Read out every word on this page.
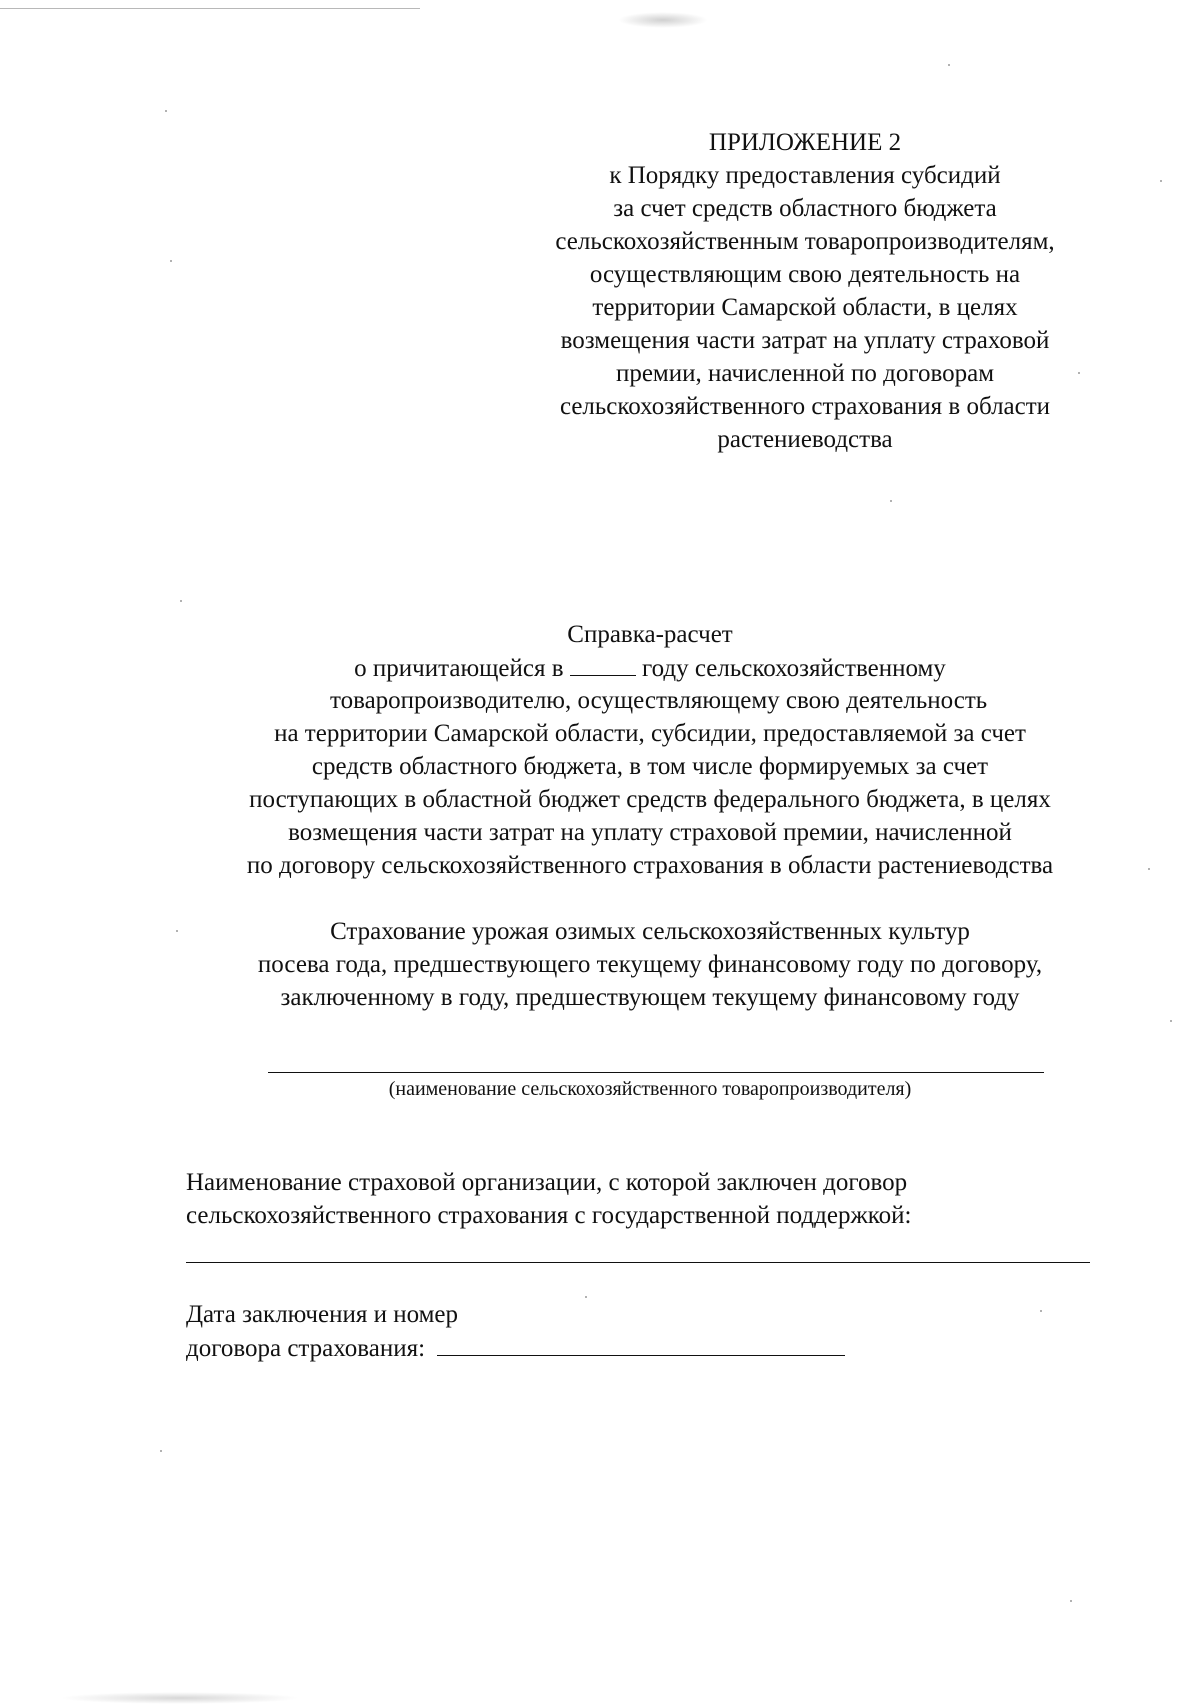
ПРИЛОЖЕНИЕ 2
к Порядку предоставления субсидий
за счет средств областного бюджета
сельскохозяйственным товаропроизводителям,
осуществляющим свою деятельность на
территории Самарской области, в целях
возмещения части затрат на уплату страховой
премии, начисленной по договорам
сельскохозяйственного страхования в области
растениеводства
Справка-расчет
о причитающейся в	году сельскохозяйственному
товаропроизводителю, осуществляющему свою деятельность
на территории Самарской области, субсидии, предоставляемой за счет
средств областного бюджета, в том числе формируемых за счет
поступающих в областной бюджет средств федерального бюджета, в целях
возмещения части затрат на уплату страховой премии, начисленной
по договору сельскохозяйственного страхования в области растениеводства
Страхование урожая озимых сельскохозяйственных культур
посева года, предшествующего текущему финансовому году по договору,
заключенному в году, предшествующем текущему финансовому году
(наименование сельскохозяйственного товаропроизводителя)
Наименование страховой организации, с которой заключен договор
сельскохозяйственного страхования с государственной поддержкой:
Дата заключения и номер
договора страхования:
